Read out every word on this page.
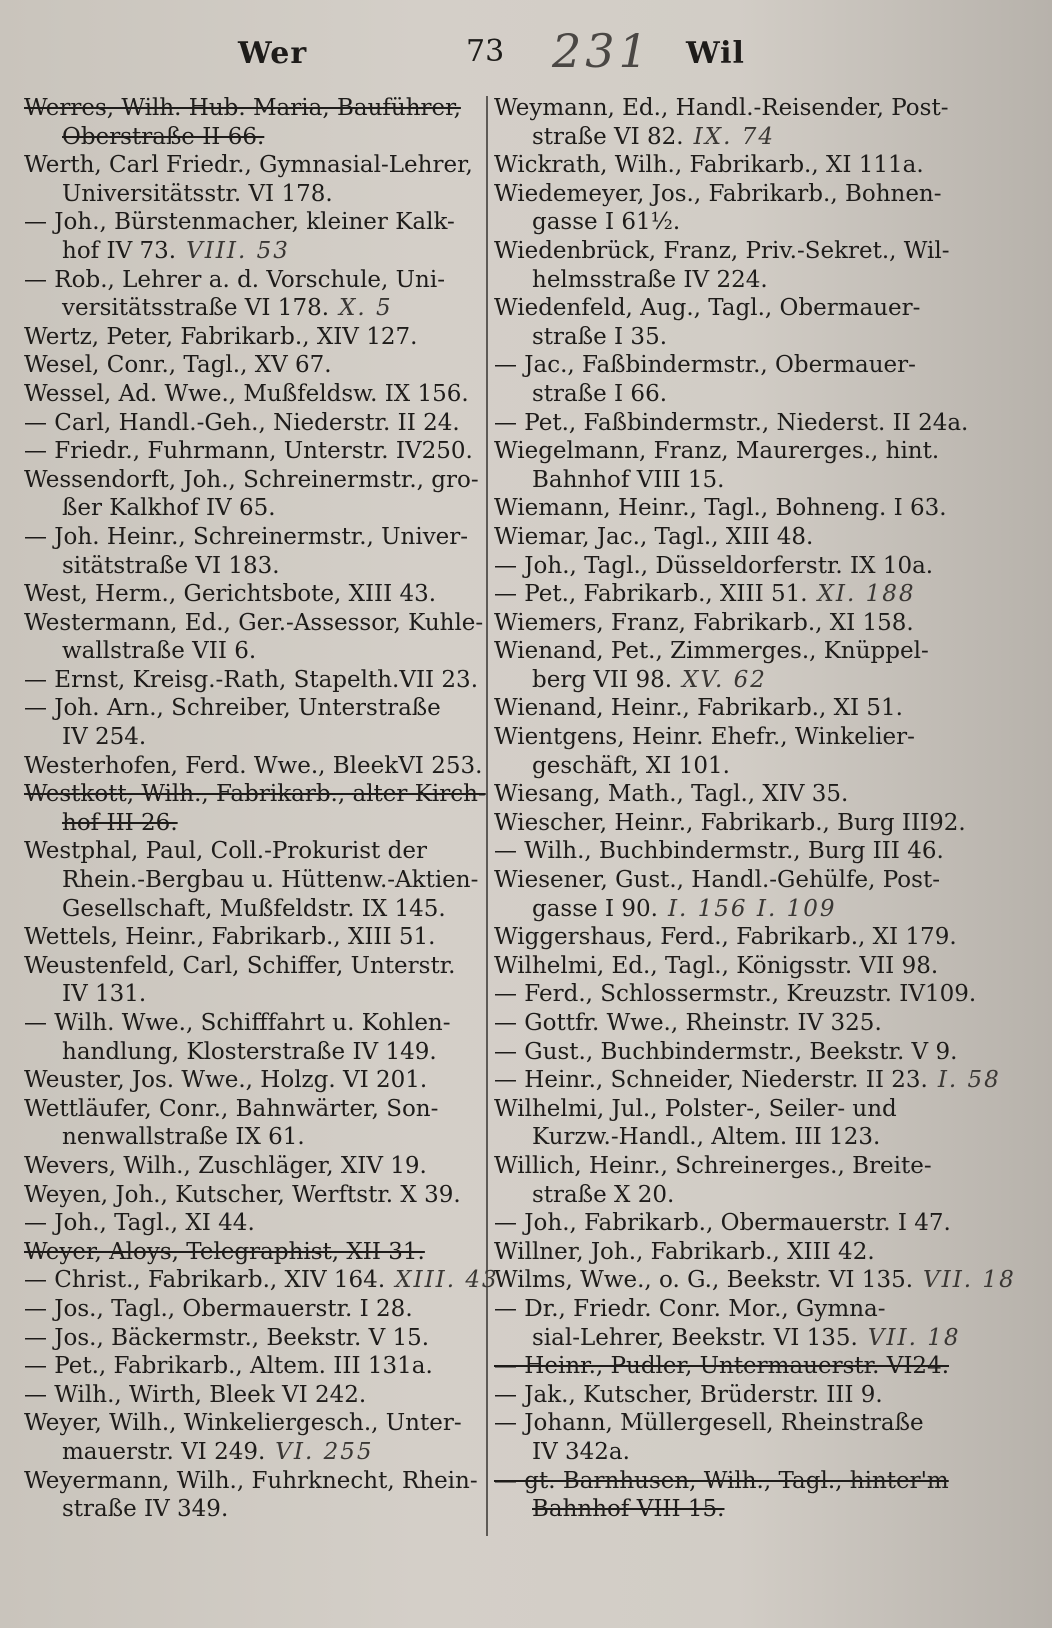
Wer	73 231 Wil
Werres, Wilh. Hub. Maria, Bauführer,
Oberstraße II 66.
Werth, Carl Friedr., Gymnasial-Lehrer,
Universitätsstr. VI 178.
— Joh., Bürstenmacher, kleiner Kalk-
hof IV 73. VIII. 53
— Rob., Lehrer a. d. Vorschule, Uni-
versitätsstraße VI 178. X. 5
Wertz, Peter, Fabrikarb., XIV 127.
Wesel, Conr., Tagl., XV 67.
Wessel, Ad. Wwe., Mußfeldsw. IX 156.
— Carl, Handl.-Geh., Niederstr. II 24.
— Friedr., Fuhrmann, Unterstr. IV250.
Wessendorft, Joh., Schreinermstr., gro-
ßer Kalkhof IV 65.
— Joh. Heinr., Schreinermstr., Univer-
sitätstraße VI 183.
West, Herm., Gerichtsbote, XIII 43.
Westermann, Ed., Ger.-Assessor, Kuhle-
wallstraße VII 6.
— Ernst, Kreisg.-Rath, Stapelth.VII 23.
— Joh. Arn., Schreiber, Unterstraße
IV 254.
Westerhofen, Ferd. Wwe., BleekVI 253.
Westkott, Wilh., Fabrikarb., alter Kirch-
hof III 26.
Westphal, Paul, Coll.-Prokurist der
Rhein.-Bergbau u. Hüttenw.-Aktien-
Gesellschaft, Mußfeldstr. IX 145.
Wettels, Heinr., Fabrikarb., XIII 51.
Weustenfeld, Carl, Schiffer, Unterstr.
IV 131.
— Wilh. Wwe., Schifffahrt u. Kohlen-
handlung, Klosterstraße IV 149.
Weuster, Jos. Wwe., Holzg. VI 201.
Wettläufer, Conr., Bahnwärter, Son-
nenwallstraße IX 61.
Wevers, Wilh., Zuschläger, XIV 19.
Weyen, Joh., Kutscher, Werftstr. X 39.
— Joh., Tagl., XI 44.
Weyer, Aloys, Telegraphist, XII 31.
— Christ., Fabrikarb., XIV 164. XIII. 43
— Jos., Tagl., Obermauerstr. I 28.
— Jos., Bäckermstr., Beekstr. V 15.
— Pet., Fabrikarb., Altem. III 131a.
— Wilh., Wirth, Bleek VI 242.
Weyer, Wilh., Winkeliergesch., Unter-
mauerstr. VI 249. VI. 255
Weyermann, Wilh., Fuhrknecht, Rhein-
straße IV 349.
Weymann, Ed., Handl.-Reisender, Post-
straße VI 82. IX. 74
Wickrath, Wilh., Fabrikarb., XI 111a.
Wiedemeyer, Jos., Fabrikarb., Bohnen-
gasse I 61½.
Wiedenbrück, Franz, Priv.-Sekret., Wil-
helmsstraße IV 224.
Wiedenfeld, Aug., Tagl., Obermauer-
straße I 35.
— Jac., Faßbindermstr., Obermauer-
straße I 66.
— Pet., Faßbindermstr., Niederst. II 24a.
Wiegelmann, Franz, Maurerges., hint.
Bahnhof VIII 15.
Wiemann, Heinr., Tagl., Bohneng. I 63.
Wiemar, Jac., Tagl., XIII 48.
— Joh., Tagl., Düsseldorferstr. IX 10a.
— Pet., Fabrikarb., XIII 51. XI. 188
Wiemers, Franz, Fabrikarb., XI 158.
Wienand, Pet., Zimmerges., Knüppel-
berg VII 98. XV. 62
Wienand, Heinr., Fabrikarb., XI 51.
Wientgens, Heinr. Ehefr., Winkelier-
geschäft, XI 101.
Wiesang, Math., Tagl., XIV 35.
Wiescher, Heinr., Fabrikarb., Burg III92.
— Wilh., Buchbindermstr., Burg III 46.
Wiesener, Gust., Handl.-Gehülfe, Post-
gasse I 90. I. 156 I. 109
Wiggershaus, Ferd., Fabrikarb., XI 179.
Wilhelmi, Ed., Tagl., Königsstr. VII 98.
— Ferd., Schlossermstr., Kreuzstr. IV109.
— Gottfr. Wwe., Rheinstr. IV 325.
— Gust., Buchbindermstr., Beekstr. V 9.
— Heinr., Schneider, Niederstr. II 23. I. 58
Wilhelmi, Jul., Polster-, Seiler- und
Kurzw.-Handl., Altem. III 123.
Willich, Heinr., Schreinerges., Breite-
straße X 20.
— Joh., Fabrikarb., Obermauerstr. I 47.
Willner, Joh., Fabrikarb., XIII 42.
Wilms, Wwe., o. G., Beekstr. VI 135. VII. 18
— Dr., Friedr. Conr. Mor., Gymna-
sial-Lehrer, Beekstr. VI 135. VII. 18
— Heinr., Pudler, Untermauerstr. VI24.
— Jak., Kutscher, Brüderstr. III 9.
— Johann, Müllergesell, Rheinstraße
IV 342a.
— gt. Barnhusen, Wilh., Tagl., hinter'm
Bahnhof VIII 15.
